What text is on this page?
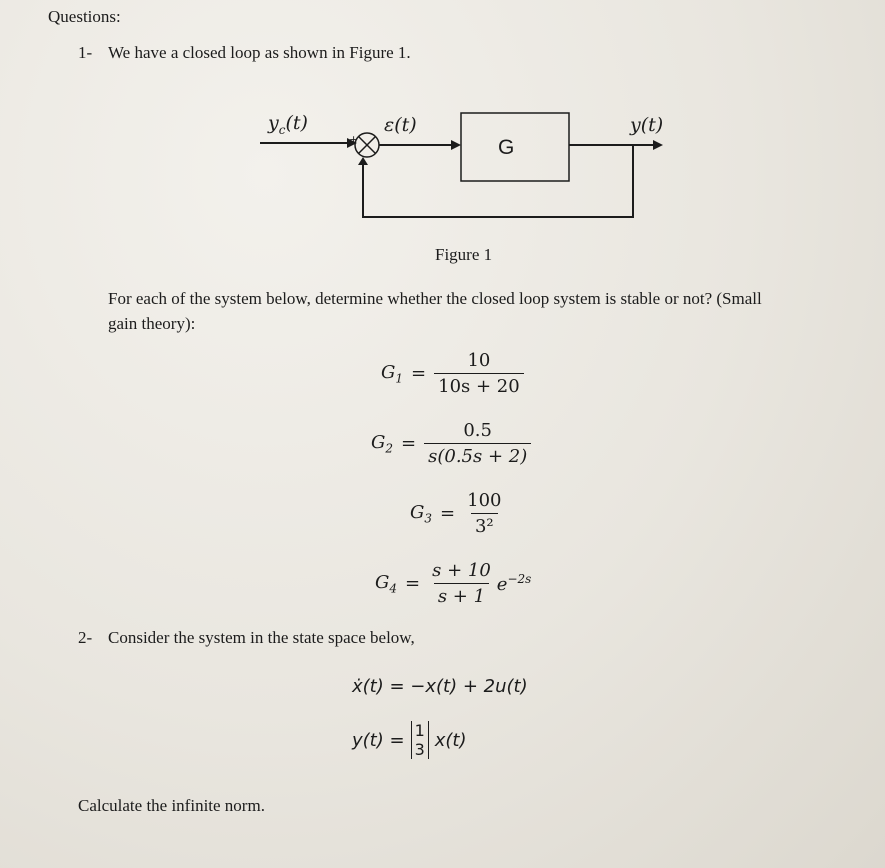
Questions:
1- We have a closed loop as shown in Figure 1.
$y_c(t)$
+
ε(t)
G
y(t)
Figure 1
For each of the system below, determine whether the closed loop system is stable or not? (Small
gain theory):
$G_1 = \frac{10}{10s + 20}$
$G_2 = \frac{0.5}{s(0.5s + 2)}$
$G_3 = \frac{100}{\text{3²}}$
$G_4 = \frac{s + 10}{s + 1} e^{-2s}$
2- Consider the system in the state space below,
ẋ(t) = −x(t) + 2u(t)
y(t) = 1
3 x(t)
Calculate the infinite norm.
